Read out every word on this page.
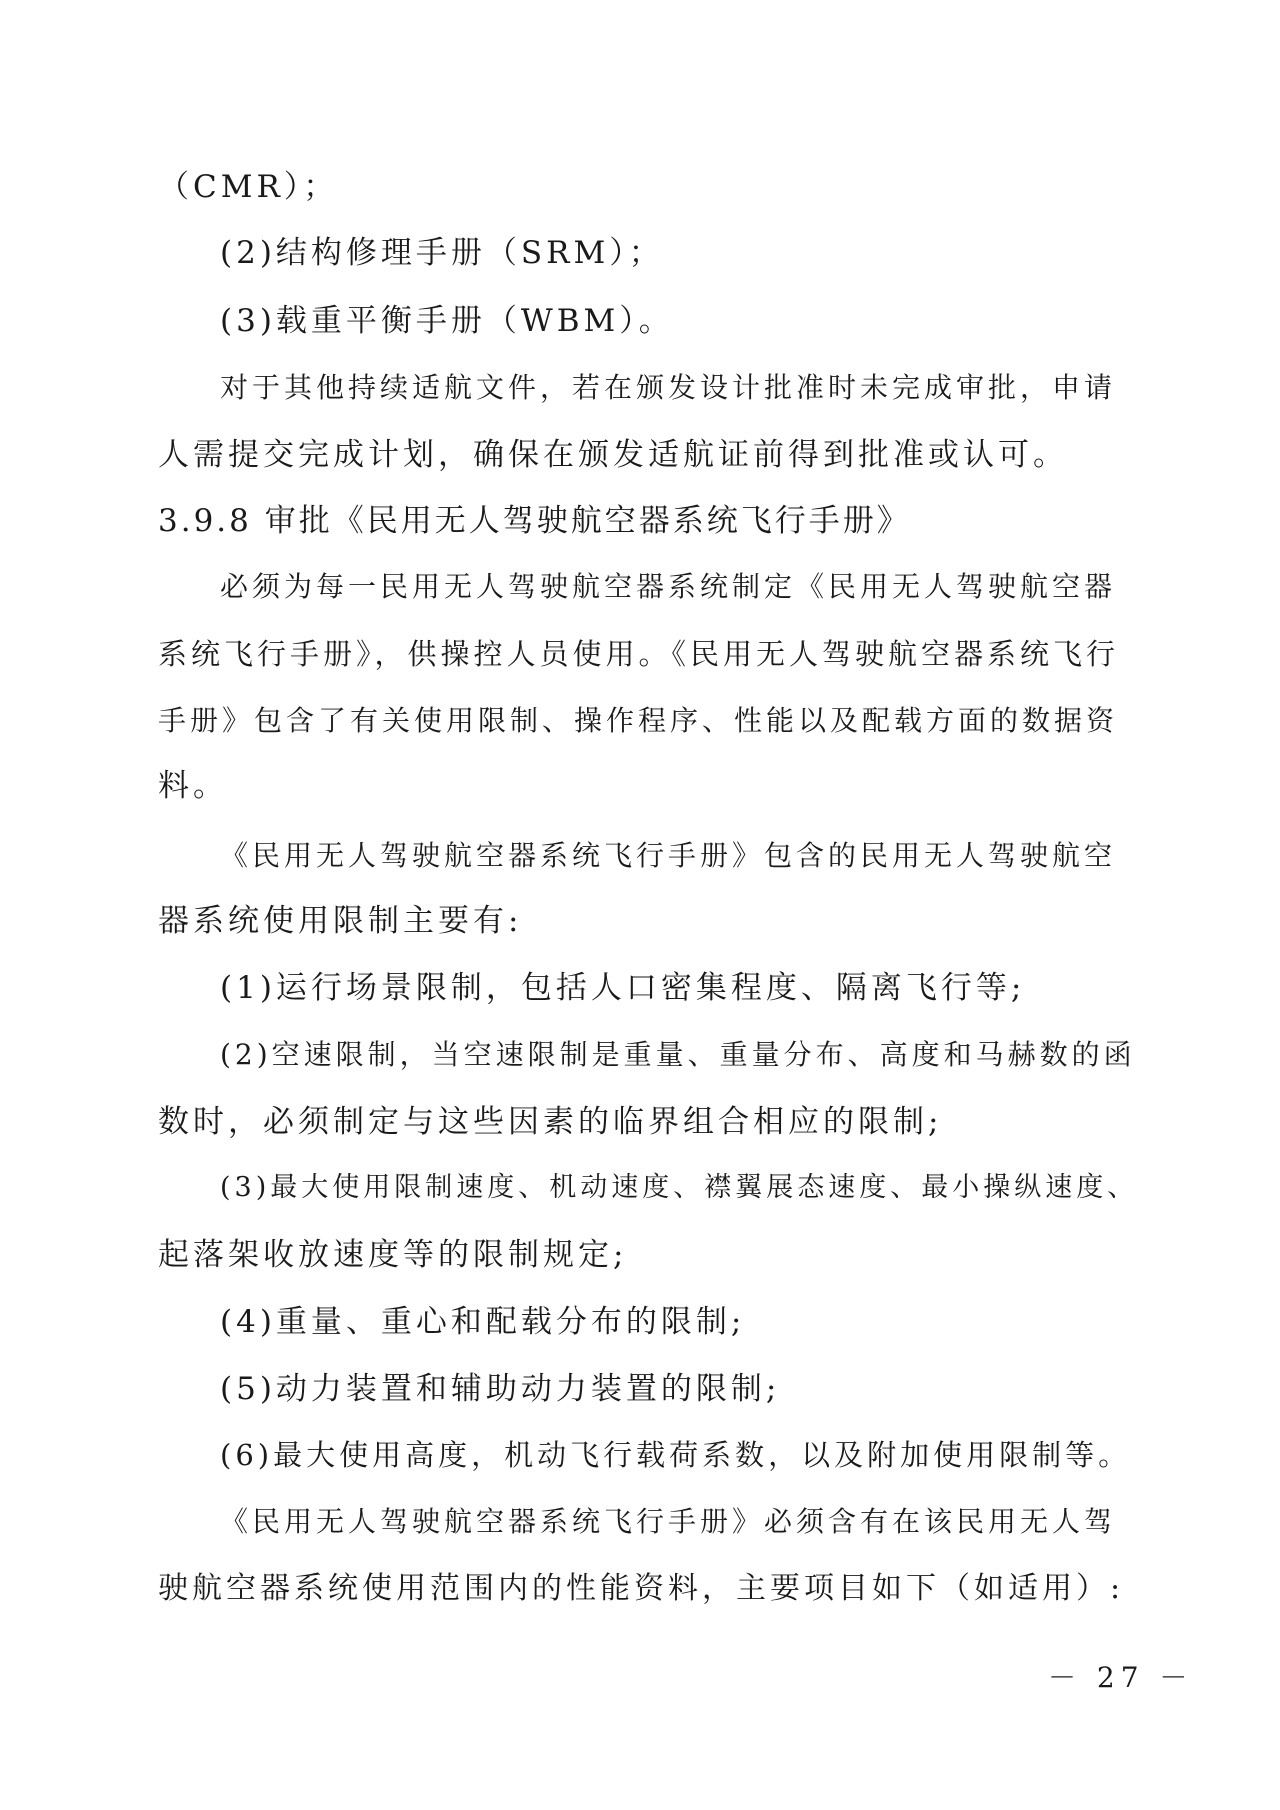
（CMR）；
(2)结构修理手册（SRM）；
(3)载重平衡手册（WBM）。
对于其他持续适航文件，若在颁发设计批准时未完成审批，申请
人需提交完成计划，确保在颁发适航证前得到批准或认可。
3.9.8 审批《民用无人驾驶航空器系统飞行手册》
必须为每一民用无人驾驶航空器系统制定《民用无人驾驶航空器
系统飞行手册》，供操控人员使用。《民用无人驾驶航空器系统飞行
手册》包含了有关使用限制、操作程序、性能以及配载方面的数据资
料。
《民用无人驾驶航空器系统飞行手册》包含的民用无人驾驶航空
器系统使用限制主要有:
(1)运行场景限制，包括人口密集程度、隔离飞行等;
(2)空速限制，当空速限制是重量、重量分布、高度和马赫数的函
数时，必须制定与这些因素的临界组合相应的限制;
(3)最大使用限制速度、机动速度、襟翼展态速度、最小操纵速度、
起落架收放速度等的限制规定;
(4)重量、重心和配载分布的限制;
(5)动力装置和辅助动力装置的限制;
(6)最大使用高度，机动飞行载荷系数，以及附加使用限制等。
《民用无人驾驶航空器系统飞行手册》必须含有在该民用无人驾
驶航空器系统使用范围内的性能资料，主要项目如下（如适用）:
－ 27 －
